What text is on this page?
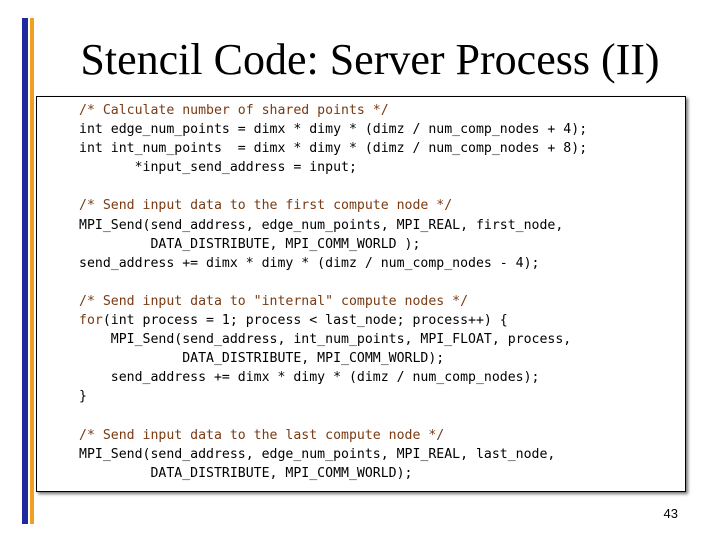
Stencil Code: Server Process (II)
/* Calculate number of shared points */
int edge_num_points = dimx * dimy * (dimz / num_comp_nodes + 4);
int int_num_points  = dimx * dimy * (dimz / num_comp_nodes + 8);
*input_send_address = input;
/* Send input data to the first compute node */
MPI_Send(send_address, edge_num_points, MPI_REAL, first_node,
DATA_DISTRIBUTE, MPI_COMM_WORLD );
send_address += dimx * dimy * (dimz / num_comp_nodes - 4);
/* Send input data to "internal" compute nodes */
for(int process = 1; process < last_node; process++) {
MPI_Send(send_address, int_num_points, MPI_FLOAT, process,
DATA_DISTRIBUTE, MPI_COMM_WORLD);
send_address += dimx * dimy * (dimz / num_comp_nodes);
}
/* Send input data to the last compute node */
MPI_Send(send_address, edge_num_points, MPI_REAL, last_node,
DATA_DISTRIBUTE, MPI_COMM_WORLD);
43
